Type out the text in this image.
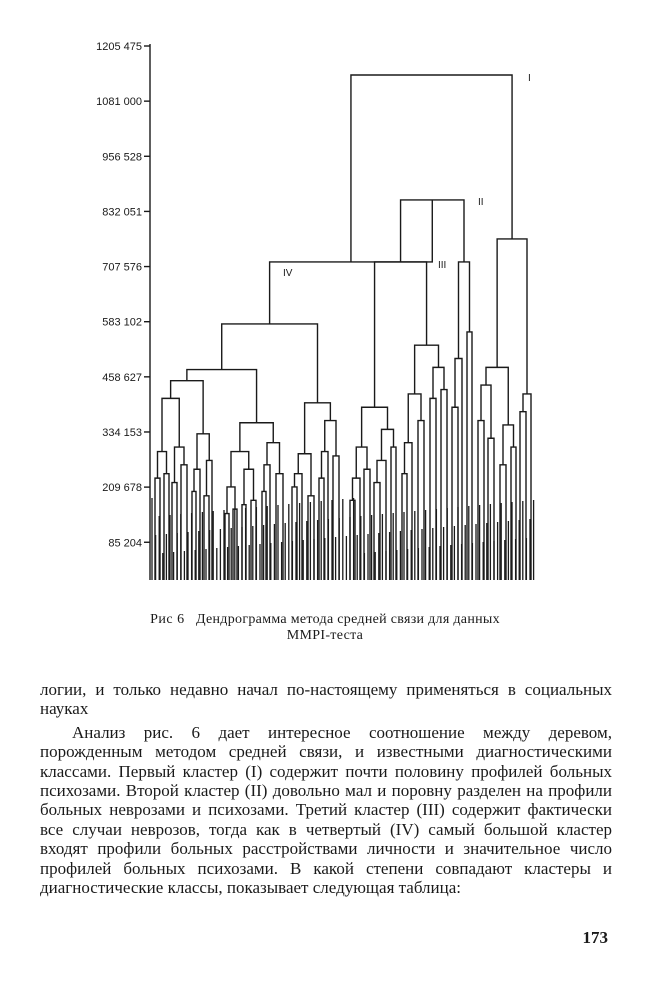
1205 475
1081 000
956 528
832 051
707 576
583 102
458 627
334 153
209 678
85 204
I
II
III
IV
Рис 6 Дендрограмма метода средней связи для данных
MMPI-теста

логии, и только недавно начал по-настоящему применяться в социальных науках

Анализ рис. 6 дает интересное соотношение между деревом, порожденным методом средней связи, и известными диагностическими классами. Первый кластер (I) содержит почти половину профилей больных психозами. Второй кластер (II) довольно мал и поровну разделен на профили больных неврозами и психозами. Третий кластер (III) содержит фактически все случаи неврозов, тогда как в четвертый (IV) самый большой кластер входят профили больных расстройствами личности и значительное число профилей больных психозами. В какой степени совпадают кластеры и диагностические классы, показывает следующая таблица:

173
